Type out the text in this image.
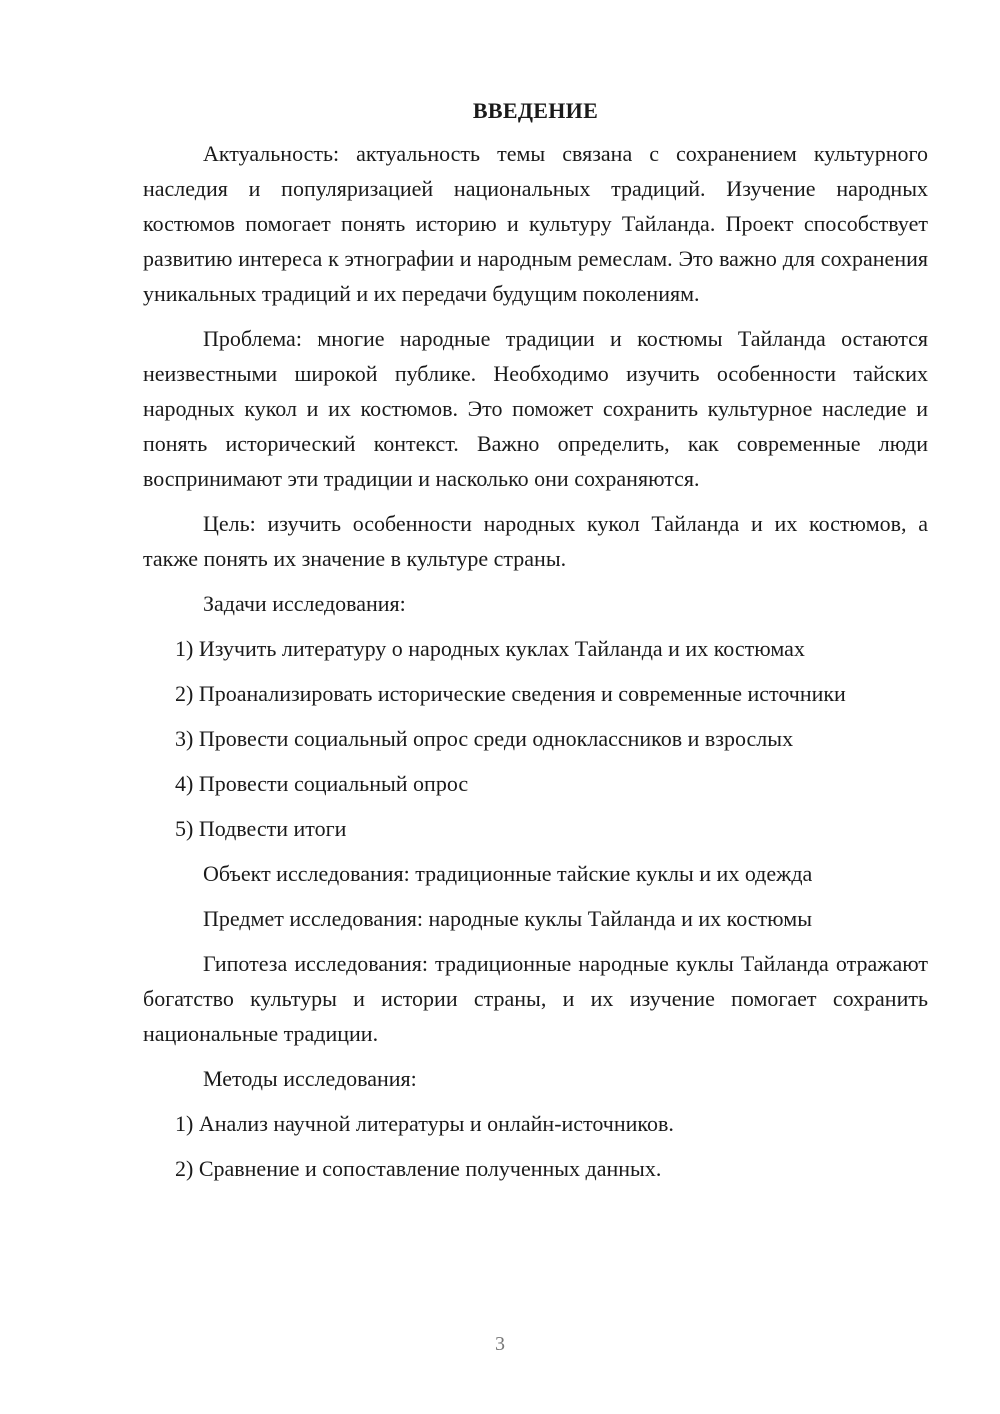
ВВЕДЕНИЕ

Актуальность: актуальность темы связана с сохранением культурного наследия и популяризацией национальных традиций. Изучение народных костюмов помогает понять историю и культуру Тайланда. Проект способствует развитию интереса к этнографии и народным ремеслам. Это важно для сохранения уникальных традиций и их передачи будущим поколениям.

Проблема: многие народные традиции и костюмы Тайланда остаются неизвестными широкой публике. Необходимо изучить особенности тайских народных кукол и их костюмов. Это поможет сохранить культурное наследие и понять исторический контекст. Важно определить, как современные люди воспринимают эти традиции и насколько они сохраняются.

Цель: изучить особенности народных кукол Тайланда и их костюмов, а также понять их значение в культуре страны.

Задачи исследования:

1) Изучить литературу о народных куклах Тайланда и их костюмах

2) Проанализировать исторические сведения и современные источники

3) Провести социальный опрос среди одноклассников и взрослых

4) Провести социальный опрос

5) Подвести итоги

Объект исследования: традиционные тайские куклы и их одежда

Предмет исследования: народные куклы Тайланда и их костюмы

Гипотеза исследования: традиционные народные куклы Тайланда отражают богатство культуры и истории страны, и их изучение помогает сохранить национальные традиции.

Методы исследования:

1) Анализ научной литературы и онлайн-источников.

2) Сравнение и сопоставление полученных данных.

3
